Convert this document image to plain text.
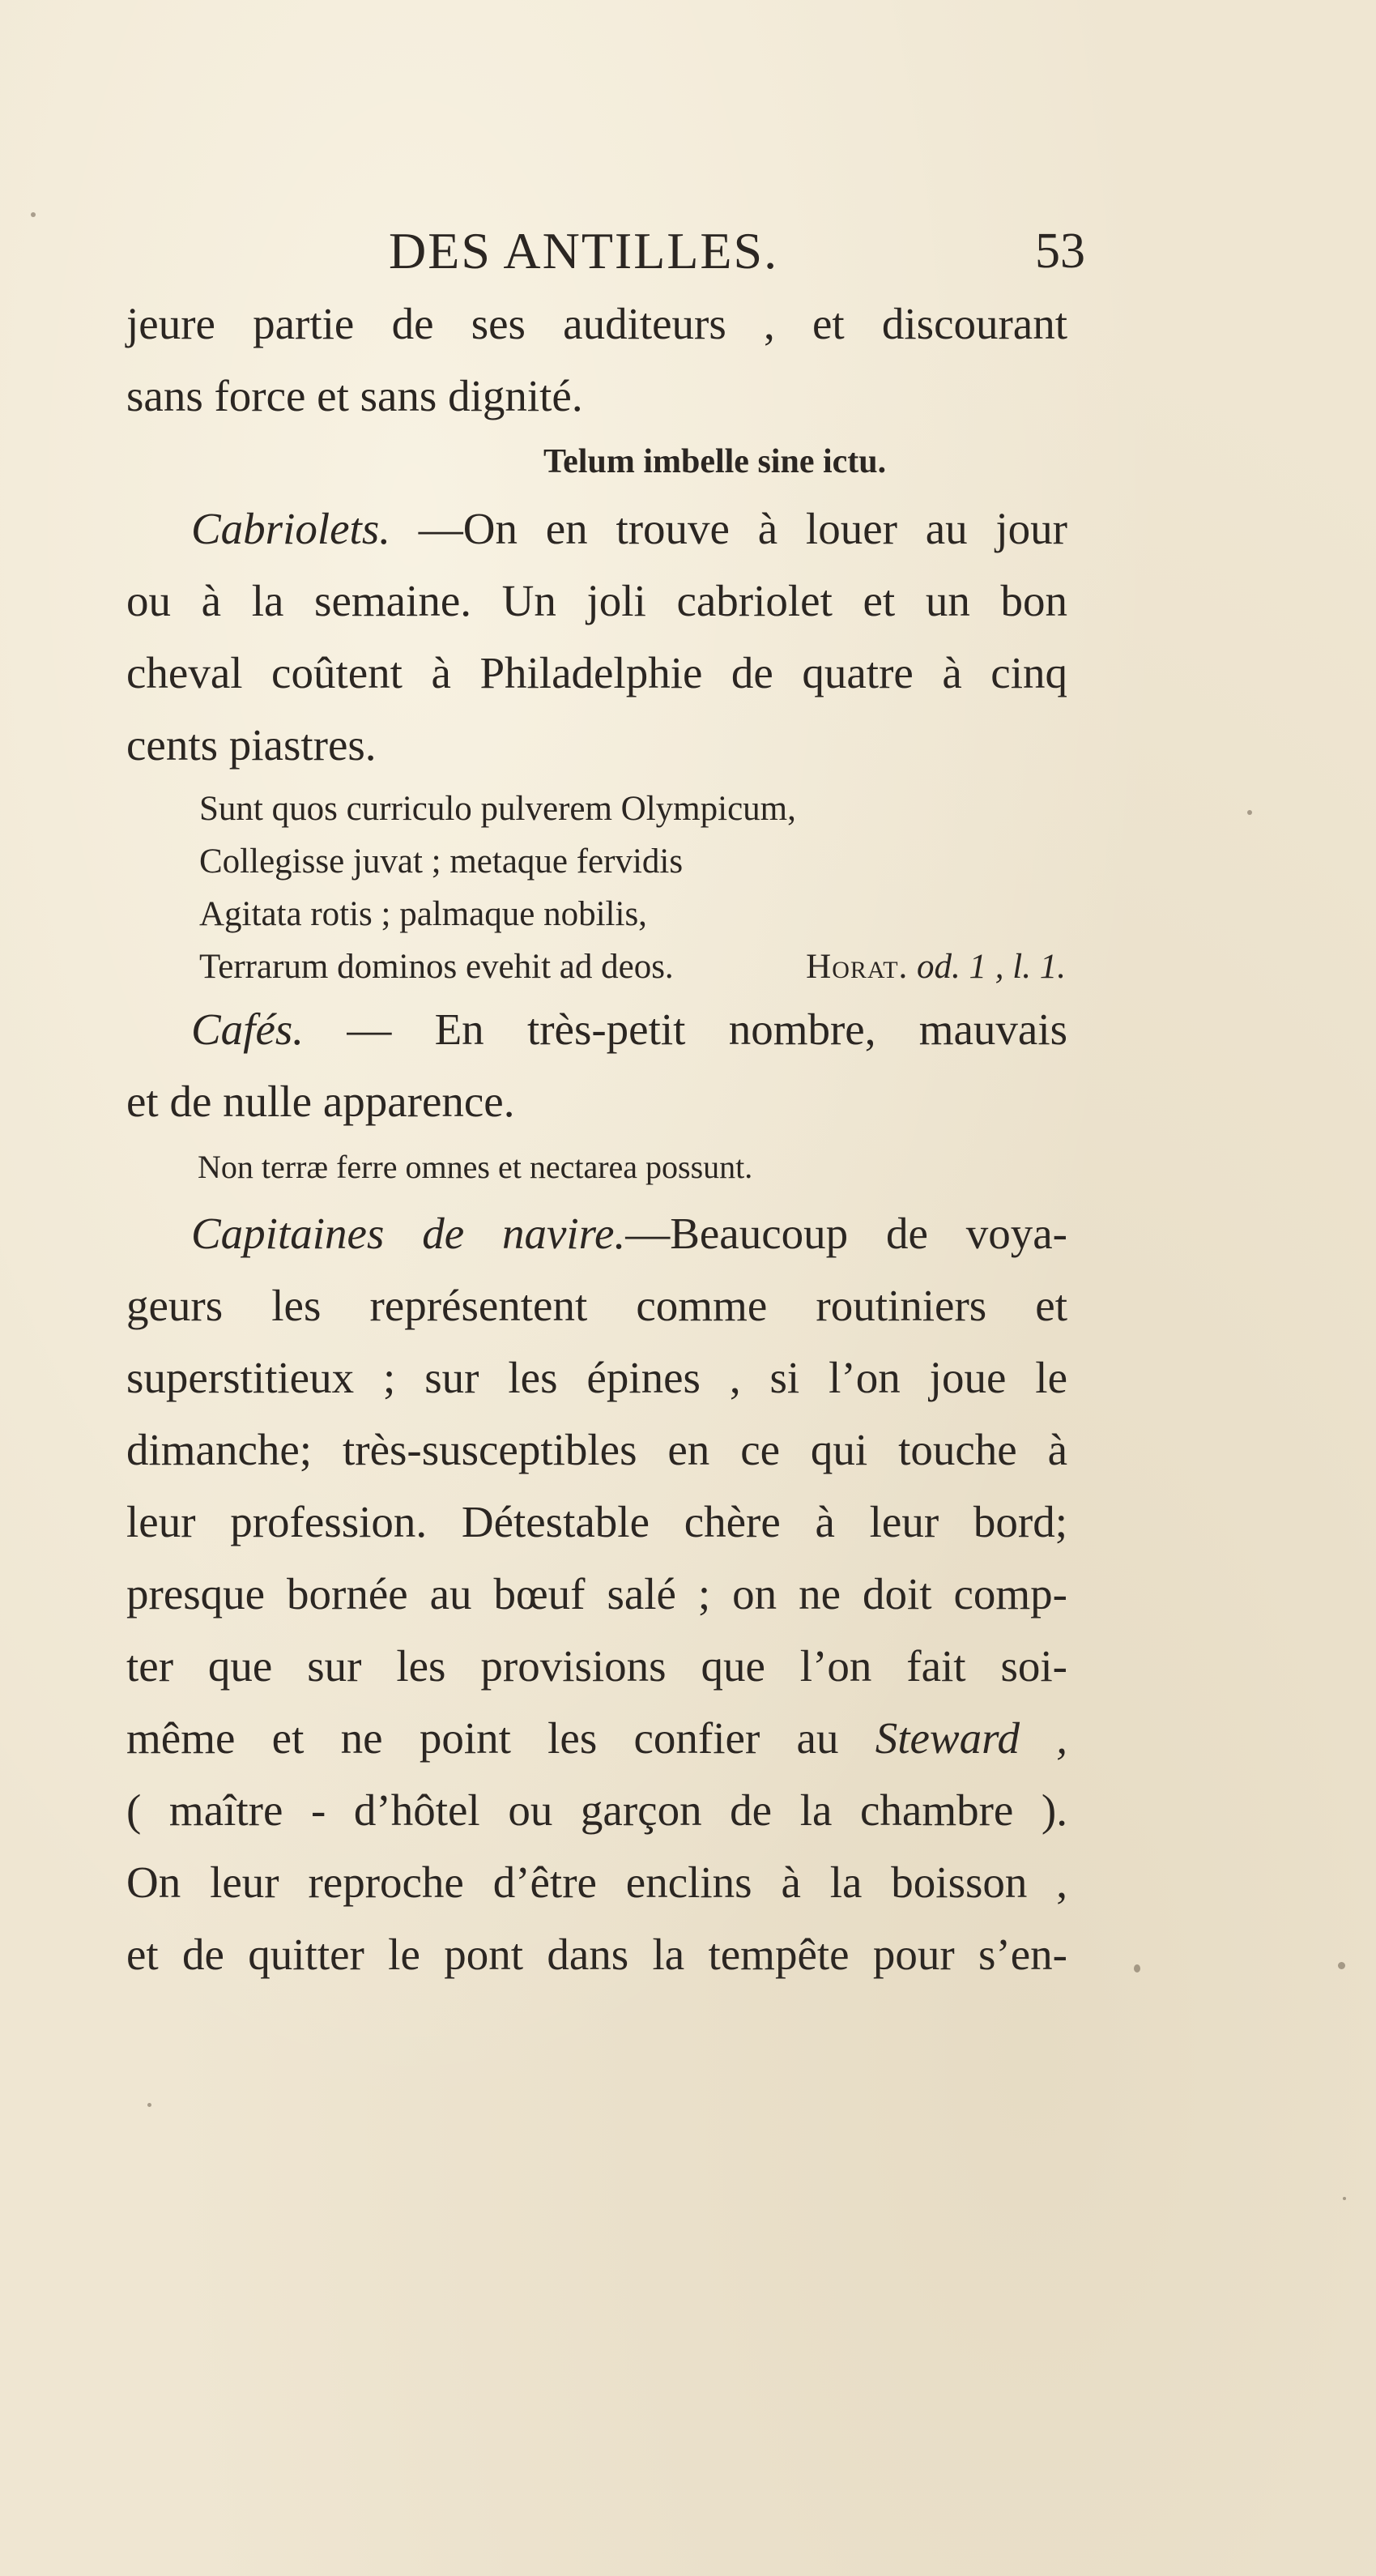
DES ANTILLES.	53
jeure partie de ses auditeurs , et discourant
sans force et sans dignité.
Telum imbelle sine ictu.
Cabriolets. —On en trouve à louer au jour
ou à la semaine. Un joli cabriolet et un bon
cheval coûtent à Philadelphie de quatre à cinq
cents piastres.
Sunt quos curriculo pulverem Olympicum,
Collegisse juvat ; metaque fervidis
Agitata rotis ; palmaque nobilis,
Terrarum dominos evehit ad deos.	Horat. od. 1 , l. 1.
Cafés. — En très-petit nombre, mauvais
et de nulle apparence.
Non terræ ferre omnes et nectarea possunt.
Capitaines de navire.—Beaucoup de voya-
geurs les représentent comme routiniers et
superstitieux ; sur les épines , si l’on joue le
dimanche; très-susceptibles en ce qui touche à
leur profession. Détestable chère à leur bord;
presque bornée au bœuf salé ; on ne doit comp-
ter que sur les provisions que l’on fait soi-
même et ne point les confier au Steward ,
( maître - d’hôtel ou garçon de la chambre ).
On leur reproche d’être enclins à la boisson ,
et de quitter le pont dans la tempête pour s’en-
